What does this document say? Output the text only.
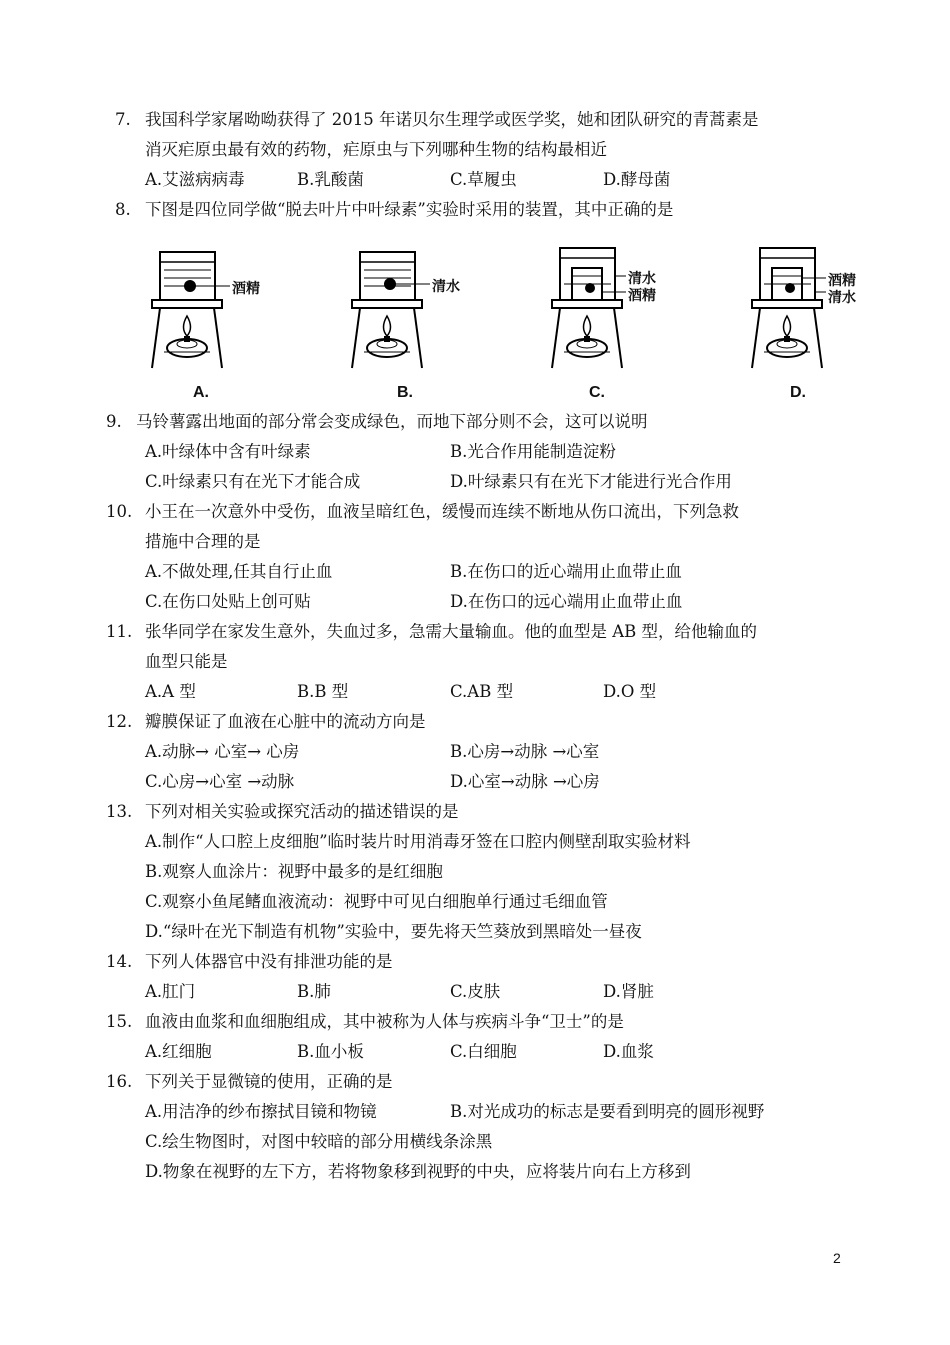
7. 我国科学家屠呦呦获得了 2015 年诺贝尔生理学或医学奖，她和团队研究的青蒿素是
消灭疟原虫最有效的药物，疟原虫与下列哪种生物的结构最相近
A.艾滋病病毒	B.乳酸菌	C.草履虫	D.酵母菌
8. 下图是四位同学做“脱去叶片中叶绿素”实验时采用的装置，其中正确的是
酒精
A.
清水
B.
清水
酒精
C.
酒精
清水
D.
9. 马铃薯露出地面的部分常会变成绿色，而地下部分则不会，这可以说明
A.叶绿体中含有叶绿素	B.光合作用能制造淀粉
C.叶绿素只有在光下才能合成	D.叶绿素只有在光下才能进行光合作用
10. 小王在一次意外中受伤，血液呈暗红色，缓慢而连续不断地从伤口流出，下列急救
措施中合理的是
A.不做处理,任其自行止血	B.在伤口的近心端用止血带止血
C.在伤口处贴上创可贴	D.在伤口的远心端用止血带止血
11. 张华同学在家发生意外，失血过多，急需大量输血。他的血型是 AB 型，给他输血的
血型只能是
A.A 型	B.B 型	C.AB 型	D.O 型
12. 瓣膜保证了血液在心脏中的流动方向是
A.动脉→ 心室→ 心房	B.心房→动脉 →心室
C.心房→心室 →动脉	D.心室→动脉 →心房
13. 下列对相关实验或探究活动的描述错误的是
A.制作“人口腔上皮细胞”临时装片时用消毒牙签在口腔内侧壁刮取实验材料
B.观察人血涂片：视野中最多的是红细胞
C.观察小鱼尾鳍血液流动：视野中可见白细胞单行通过毛细血管
D.“绿叶在光下制造有机物”实验中，要先将天竺葵放到黑暗处一昼夜
14. 下列人体器官中没有排泄功能的是
A.肛门	B.肺	C.皮肤	D.肾脏
15. 血液由血浆和血细胞组成，其中被称为人体与疾病斗争“卫士”的是
A.红细胞	B.血小板	C.白细胞	D.血浆
16. 下列关于显微镜的使用，正确的是
A.用洁净的纱布擦拭目镜和物镜	B.对光成功的标志是要看到明亮的圆形视野
C.绘生物图时，对图中较暗的部分用横线条涂黑
D.物象在视野的左下方，若将物象移到视野的中央，应将装片向右上方移到
2
